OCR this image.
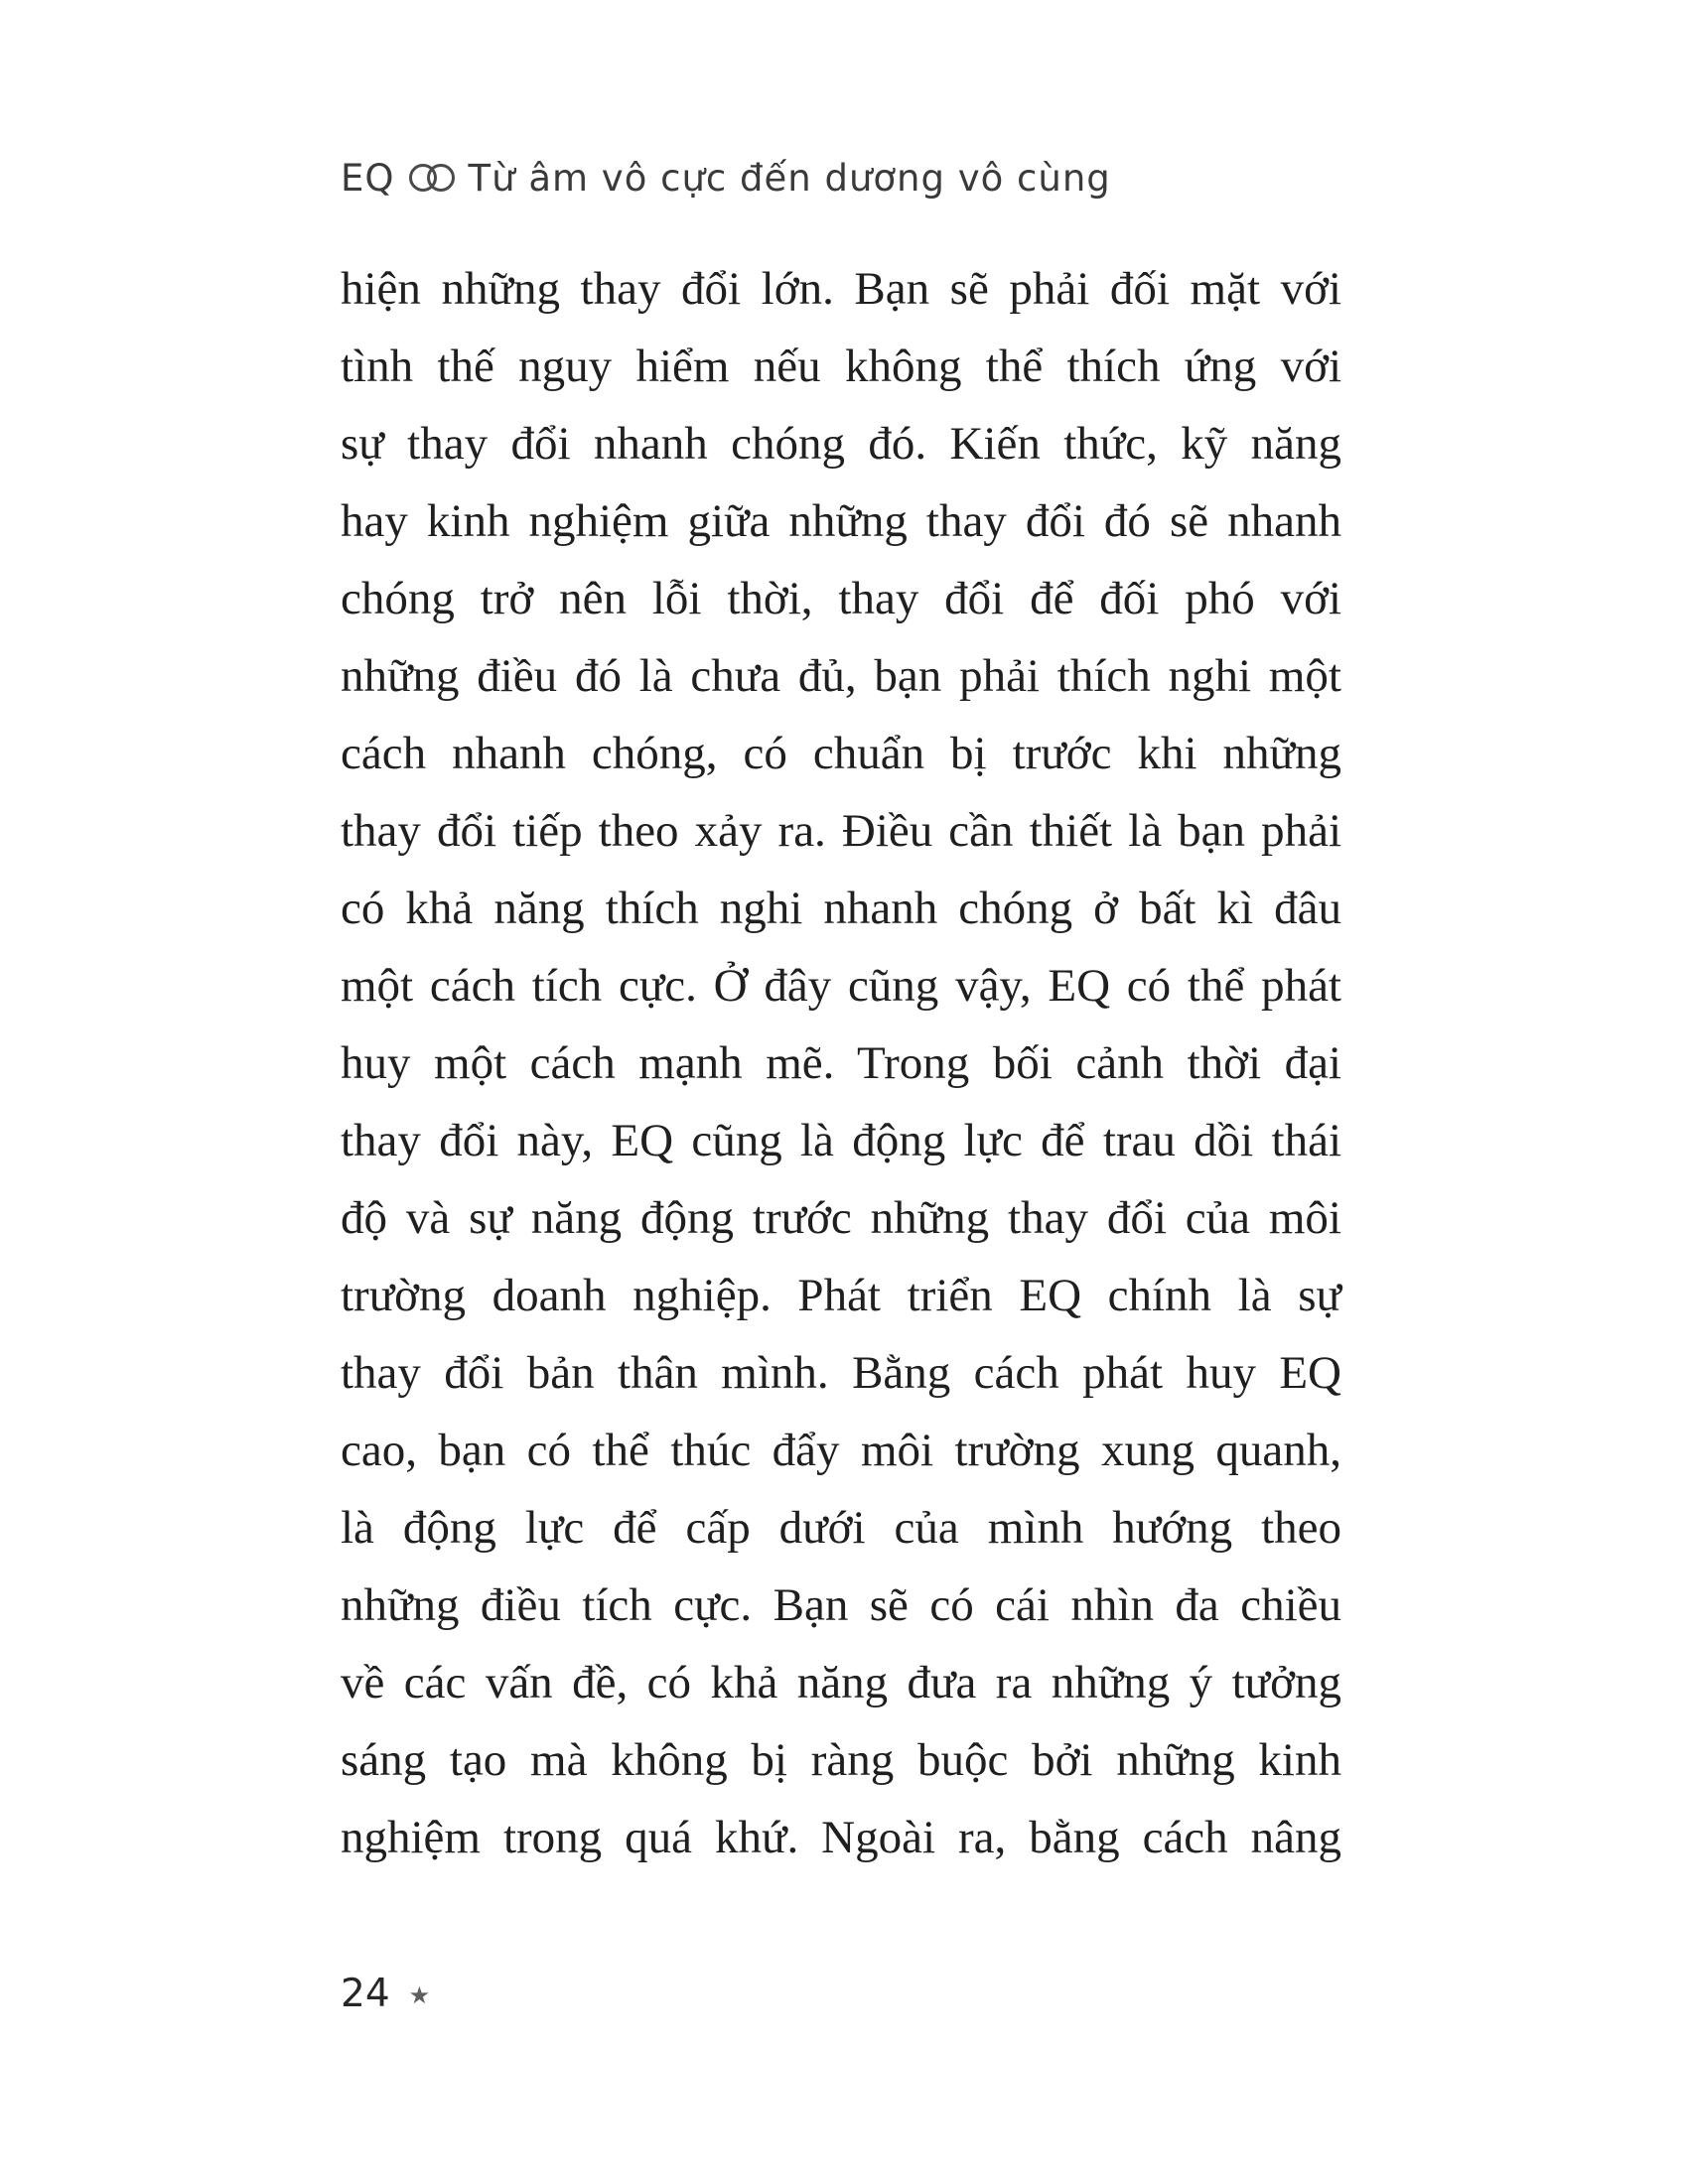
EQ Từ âm vô cực đến dương vô cùng
hiện những thay đổi lớn. Bạn sẽ phải đối mặt với
tình thế nguy hiểm nếu không thể thích ứng với
sự thay đổi nhanh chóng đó. Kiến thức, kỹ năng
hay kinh nghiệm giữa những thay đổi đó sẽ nhanh
chóng trở nên lỗi thời, thay đổi để đối phó với
những điều đó là chưa đủ, bạn phải thích nghi một
cách nhanh chóng, có chuẩn bị trước khi những
thay đổi tiếp theo xảy ra. Điều cần thiết là bạn phải
có khả năng thích nghi nhanh chóng ở bất kì đâu
một cách tích cực. Ở đây cũng vậy, EQ có thể phát
huy một cách mạnh mẽ. Trong bối cảnh thời đại
thay đổi này, EQ cũng là động lực để trau dồi thái
độ và sự năng động trước những thay đổi của môi
trường doanh nghiệp. Phát triển EQ chính là sự
thay đổi bản thân mình. Bằng cách phát huy EQ
cao, bạn có thể thúc đẩy môi trường xung quanh,
là động lực để cấp dưới của mình hướng theo
những điều tích cực. Bạn sẽ có cái nhìn đa chiều
về các vấn đề, có khả năng đưa ra những ý tưởng
sáng tạo mà không bị ràng buộc bởi những kinh
nghiệm trong quá khứ. Ngoài ra, bằng cách nâng
24 ★
